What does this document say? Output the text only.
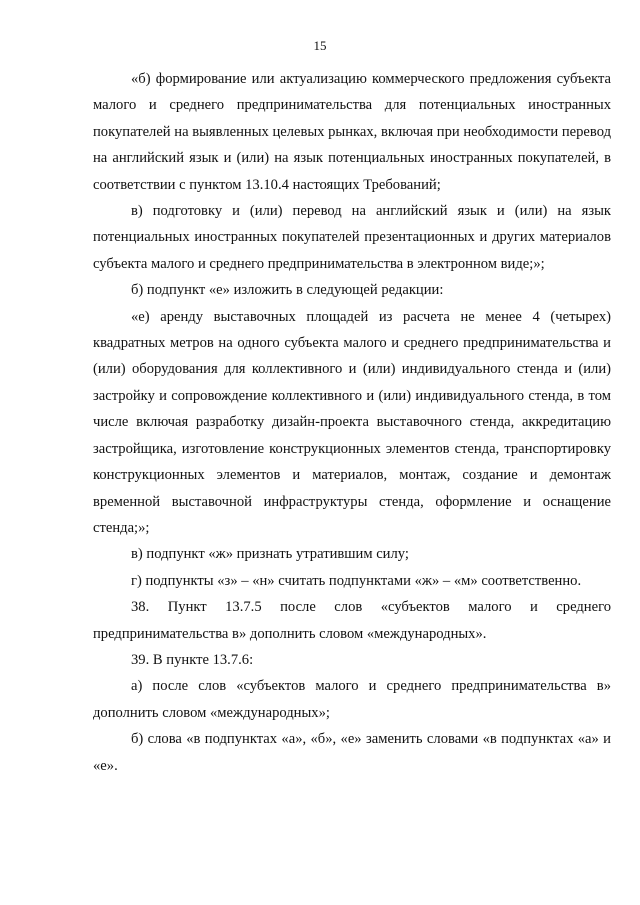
15

«б) формирование или актуализацию коммерческого предложения субъекта малого и среднего предпринимательства для потенциальных иностранных покупателей на выявленных целевых рынках, включая при необходимости перевод на английский язык и (или) на язык потенциальных иностранных покупателей, в соответствии с пунктом 13.10.4 настоящих Требований;

в) подготовку и (или) перевод на английский язык и (или) на язык потенциальных иностранных покупателей презентационных и других материалов субъекта малого и среднего предпринимательства в электронном виде;»;

б) подпункт «е» изложить в следующей редакции:

«е) аренду выставочных площадей из расчета не менее 4 (четырех) квадратных метров на одного субъекта малого и среднего предпринимательства и (или) оборудования для коллективного и (или) индивидуального стенда и (или) застройку и сопровождение коллективного и (или) индивидуального стенда, в том числе включая разработку дизайн-проекта выставочного стенда, аккредитацию застройщика, изготовление конструкционных элементов стенда, транспортировку конструкционных элементов и материалов, монтаж, создание и демонтаж временной выставочной инфраструктуры стенда, оформление и оснащение стенда;»;

в) подпункт «ж» признать утратившим силу;

г) подпункты «з» – «н» считать подпунктами «ж» – «м» соответственно.

38. Пункт 13.7.5 после слов «субъектов малого и среднего предпринимательства в» дополнить словом «международных».

39. В пункте 13.7.6:

а) после слов «субъектов малого и среднего предпринимательства в» дополнить словом «международных»;

б) слова «в подпунктах «а», «б», «е» заменить словами «в подпунктах «а» и «е».
